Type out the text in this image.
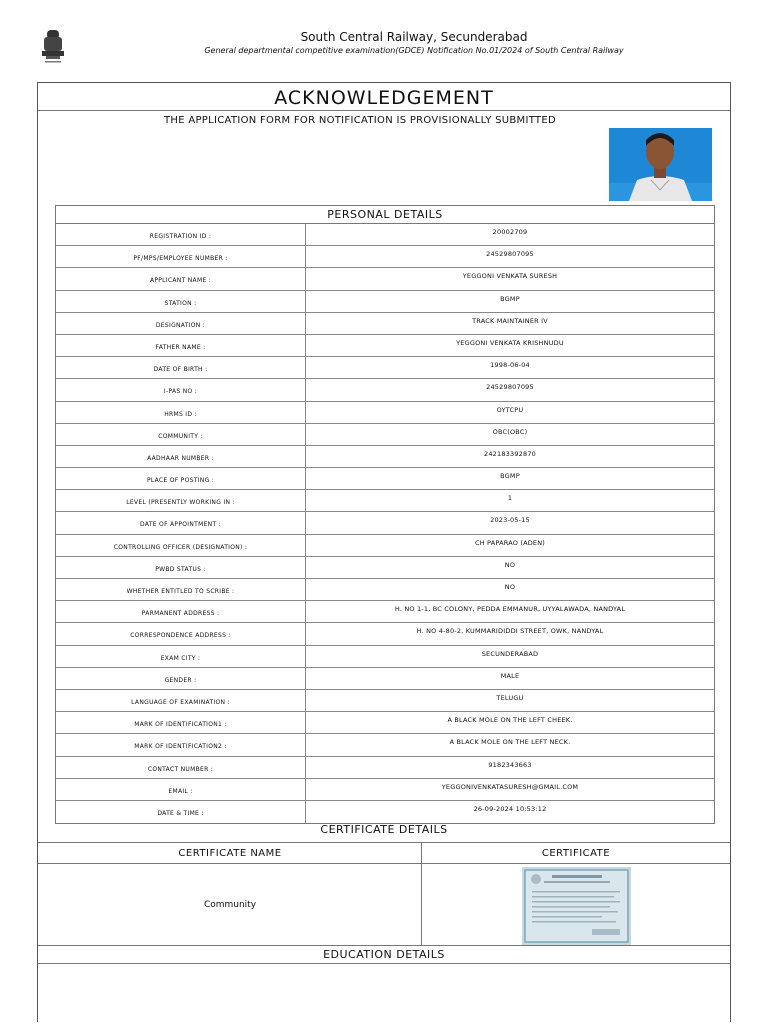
South Central Railway, Secunderabad
General departmental competitive examination(GDCE) Notification No.01/2024 of South Central Railway
ACKNOWLEDGEMENT
THE APPLICATION FORM FOR NOTIFICATION IS PROVISIONALLY SUBMITTED
PERSONAL DETAILS
REGISTRATION ID :
20002709
PF/MPS/EMPLOYEE NUMBER :
24529807095
APPLICANT NAME :
YEGGONI VENKATA SURESH
STATION :
BGMP
DESIGNATION :
TRACK MAINTAINER IV
FATHER NAME :
YEGGONI VENKATA KRISHNUDU
DATE OF BIRTH :
1998-06-04
I-PAS NO :
24529807095
HRMS ID :
OYTCPU
COMMUNITY :
OBC(OBC)
AADHAAR NUMBER :
242183392870
PLACE OF POSTING :
BGMP
LEVEL (PRESENTLY WORKING IN :
1
DATE OF APPOINTMENT :
2023-05-15
CONTROLLING OFFICER (DESIGNATION) :
CH PAPARAO (ADEN)
PWBD STATUS :
NO
WHETHER ENTITLED TO SCRIBE :
NO
PARMANENT ADDRESS :
H. NO 1-1, BC COLONY, PEDDA EMMANUR, UYYALAWADA, NANDYAL
CORRESPONDENCE ADDRESS :
H. NO 4-80-2, KUMMARIDIDDI STREET, OWK, NANDYAL
EXAM CITY :
SECUNDERABAD
GENDER :
MALE
LANGUAGE OF EXAMINATION :
TELUGU
MARK OF IDENTIFICATION1 :
A BLACK MOLE ON THE LEFT CHEEK.
MARK OF IDENTIFICATION2 :
A BLACK MOLE ON THE LEFT NECK.
CONTACT NUMBER :
9182343663
EMAIL :
YEGGONIVENKATASURESH@GMAIL.COM
DATE & TIME :
26-09-2024 10:53:12
CERTIFICATE DETAILS
CERTIFICATE NAME	CERTIFICATE
Community
EDUCATION DETAILS
